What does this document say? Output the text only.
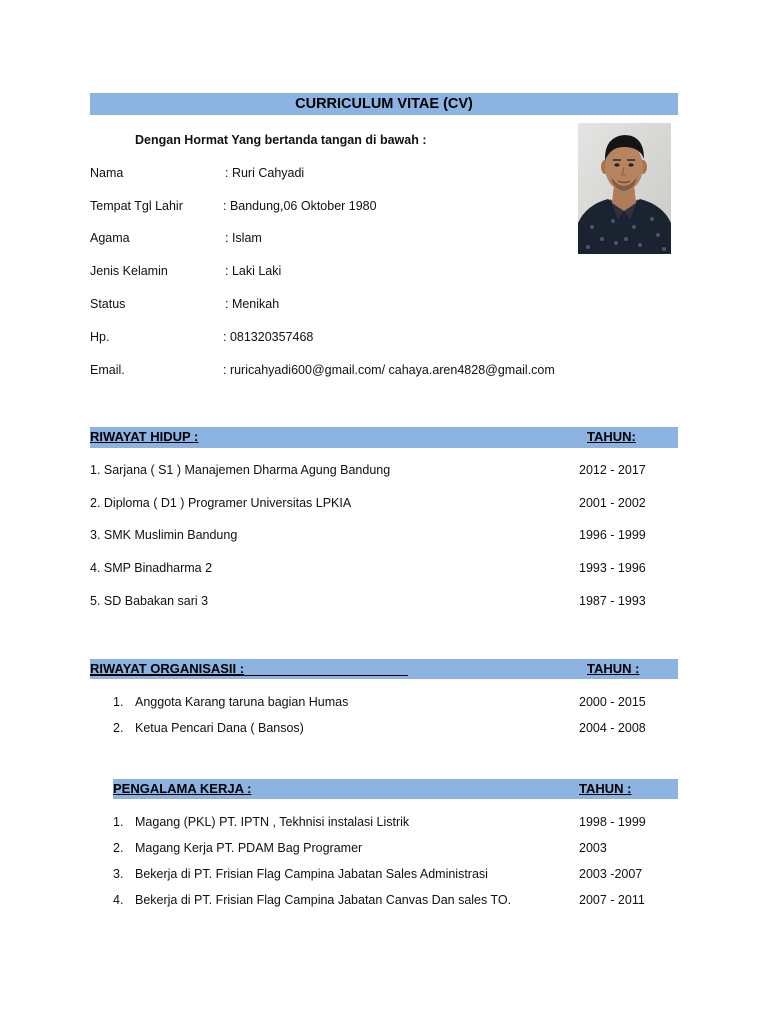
CURRICULUM VITAE (CV)
Dengan Hormat Yang bertanda tangan di bawah :
Nama	: Ruri Cahyadi
Tempat Tgl Lahir	: Bandung,06 Oktober 1980
Agama	: Islam
Jenis Kelamin	: Laki Laki
Status	: Menikah
Hp.	: 081320357468
Email.	: ruricahyadi600@gmail.com/ cahaya.aren4828@gmail.com
RIWAYAT HIDUP :	TAHUN:
1. Sarjana ( S1 ) Manajemen Dharma Agung Bandung	2012 - 2017
2. Diploma ( D1 ) Programer Universitas LPKIA	2001 - 2002
3. SMK Muslimin Bandung	1996 - 1999
4. SMP Binadharma 2	1993 - 1996
5. SD Babakan sari 3	1987 - 1993
RIWAYAT ORGANISASII :	TAHUN :
1. Anggota Karang taruna bagian Humas	2000 - 2015
2. Ketua Pencari Dana ( Bansos)	2004 - 2008
PENGALAMA KERJA :	TAHUN :
1. Magang (PKL) PT. IPTN , Tekhnisi instalasi Listrik	1998 - 1999
2. Magang Kerja PT. PDAM Bag Programer	2003
3. Bekerja di PT. Frisian Flag Campina Jabatan Sales Administrasi	2003 -2007
4. Bekerja di PT. Frisian Flag Campina Jabatan Canvas Dan sales TO.	2007 - 2011
